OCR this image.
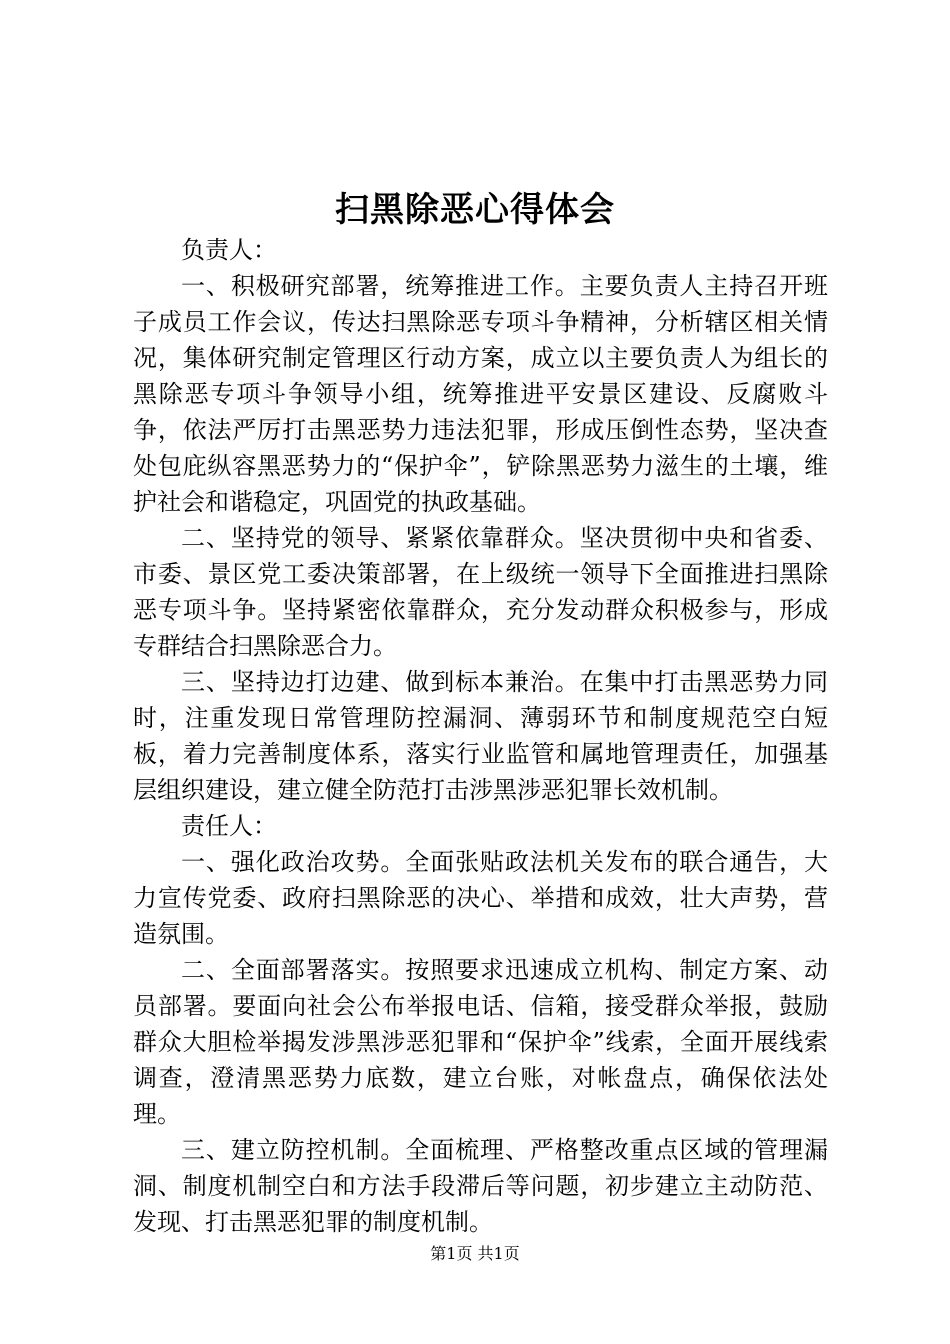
扫黑除恶心得体会

负责人：

一、积极研究部署，统筹推进工作。主要负责人主持召开班子成员工作会议，传达扫黑除恶专项斗争精神，分析辖区相关情况，集体研究制定管理区行动方案，成立以主要负责人为组长的黑除恶专项斗争领导小组，统筹推进平安景区建设、反腐败斗争，依法严厉打击黑恶势力违法犯罪，形成压倒性态势，坚决查处包庇纵容黑恶势力的“保护伞”，铲除黑恶势力滋生的土壤，维护社会和谐稳定，巩固党的执政基础。

二、坚持党的领导、紧紧依靠群众。坚决贯彻中央和省委、市委、景区党工委决策部署，在上级统一领导下全面推进扫黑除恶专项斗争。坚持紧密依靠群众，充分发动群众积极参与，形成专群结合扫黑除恶合力。

三、坚持边打边建、做到标本兼治。在集中打击黑恶势力同时，注重发现日常管理防控漏洞、薄弱环节和制度规范空白短板，着力完善制度体系，落实行业监管和属地管理责任，加强基层组织建设，建立健全防范打击涉黑涉恶犯罪长效机制。

责任人：

一、强化政治攻势。全面张贴政法机关发布的联合通告，大力宣传党委、政府扫黑除恶的决心、举措和成效，壮大声势，营造氛围。

二、全面部署落实。按照要求迅速成立机构、制定方案、动员部署。要面向社会公布举报电话、信箱，接受群众举报，鼓励群众大胆检举揭发涉黑涉恶犯罪和“保护伞”线索，全面开展线索调查，澄清黑恶势力底数，建立台账，对帐盘点，确保依法处理。

三、建立防控机制。全面梳理、严格整改重点区域的管理漏洞、制度机制空白和方法手段滞后等问题，初步建立主动防范、发现、打击黑恶犯罪的制度机制。

第1页 共1页
